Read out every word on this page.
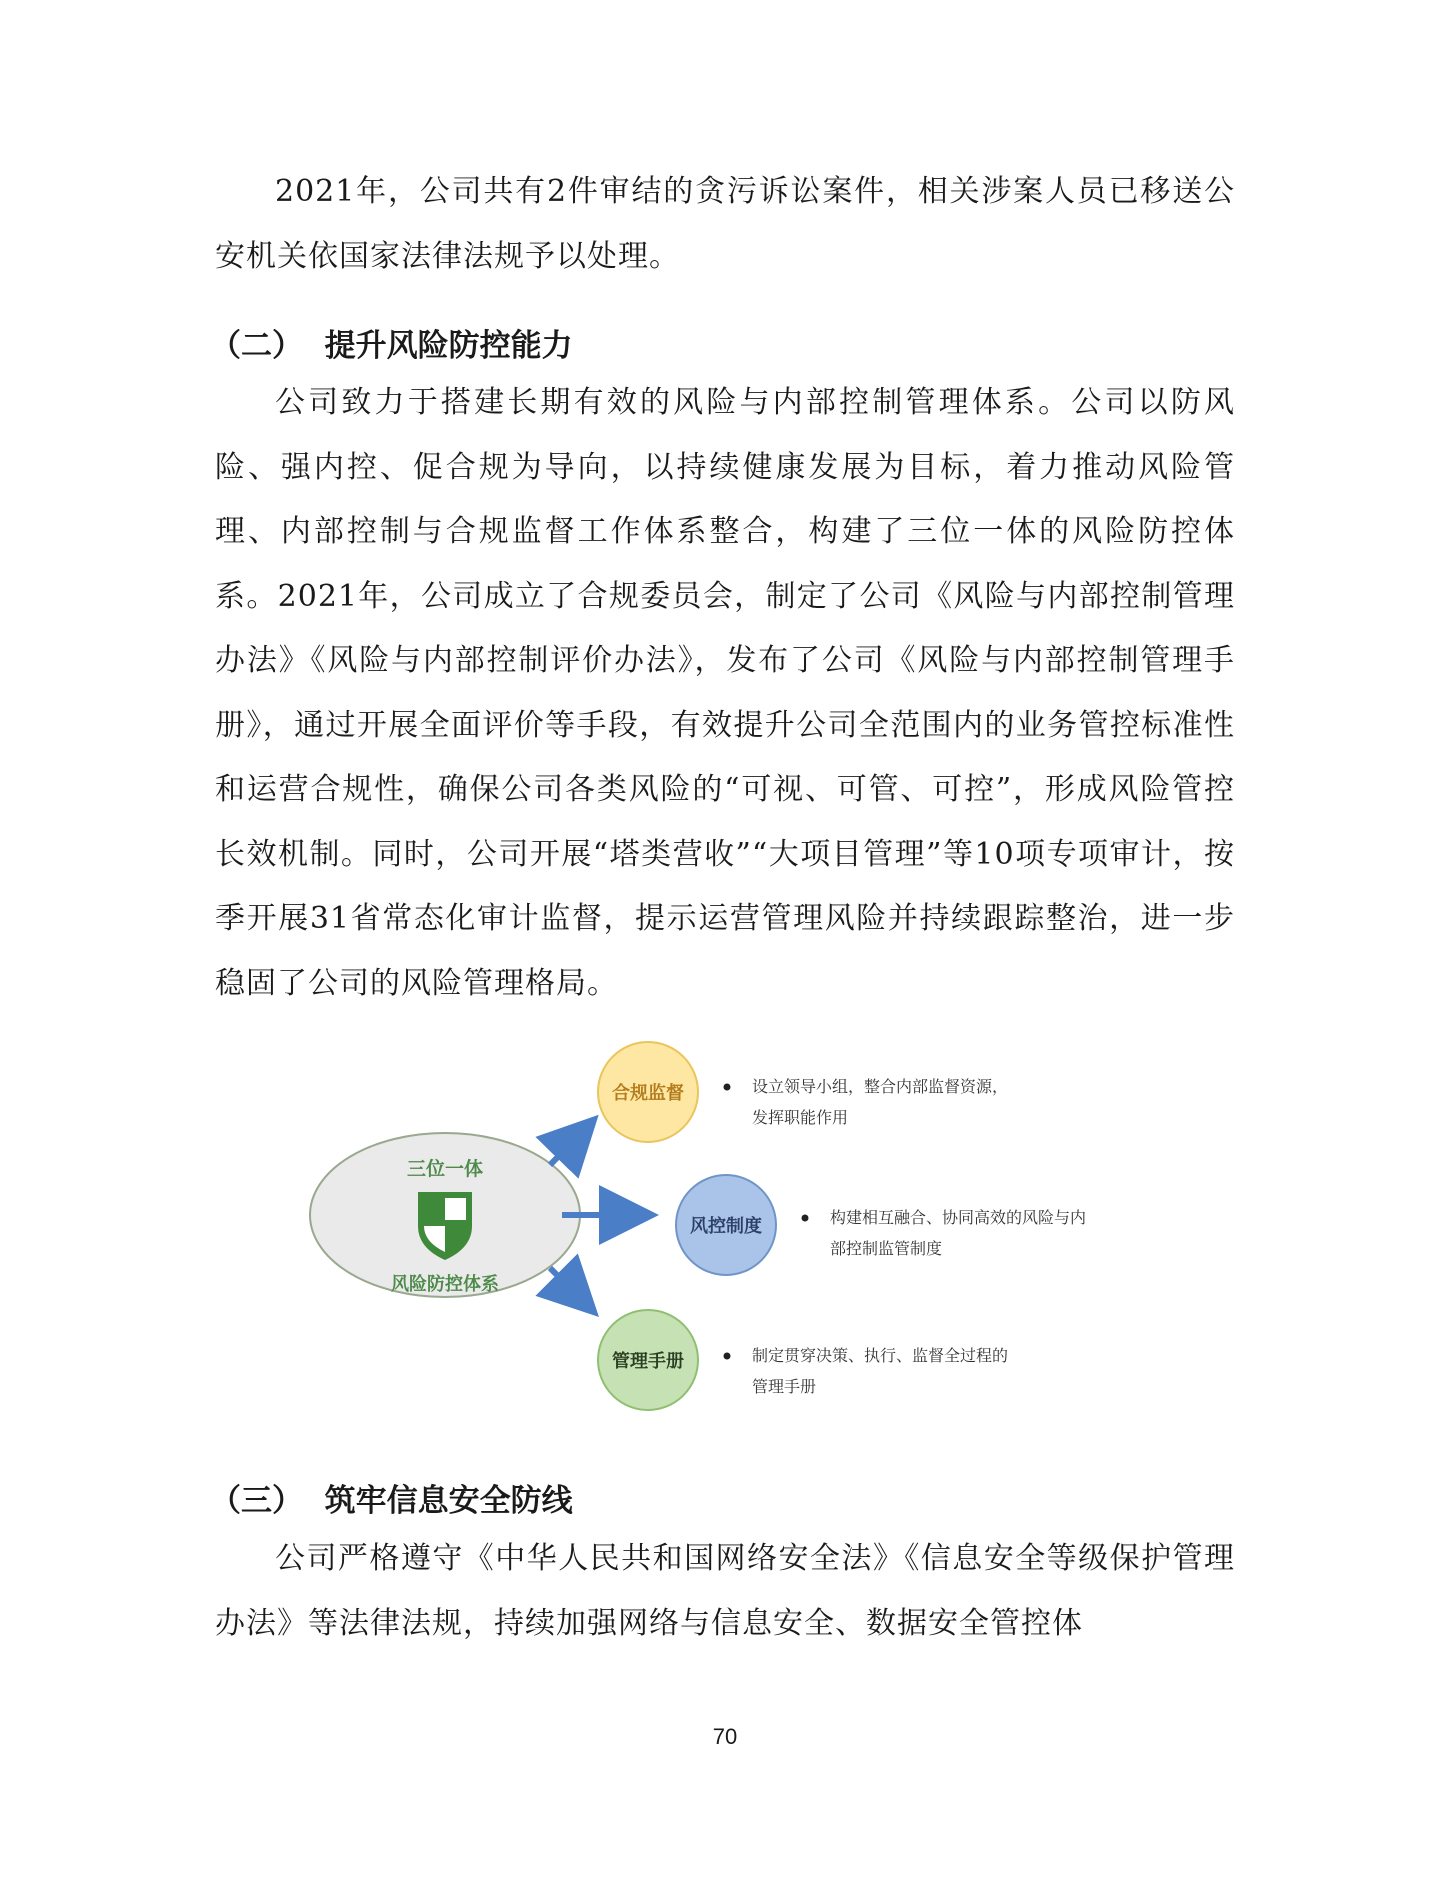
2021年，公司共有2件审结的贪污诉讼案件，相关涉案人员已移送公安机关依国家法律法规予以处理。

（二）  提升风险防控能力

公司致力于搭建长期有效的风险与内部控制管理体系。公司以防风险、强内控、促合规为导向，以持续健康发展为目标，着力推动风险管理、内部控制与合规监督工作体系整合，构建了三位一体的风险防控体系。2021年，公司成立了合规委员会，制定了公司《风险与内部控制管理办法》《风险与内部控制评价办法》，发布了公司《风险与内部控制管理手册》，通过开展全面评价等手段，有效提升公司全范围内的业务管控标准性和运营合规性，确保公司各类风险的“可视、可管、可控”，形成风险管控长效机制。同时，公司开展“塔类营收”“大项目管理”等10项专项审计，按季开展31省常态化审计监督，提示运营管理风险并持续跟踪整治，进一步稳固了公司的风险管理格局。

三位一体
风险防控体系
合规监督	设立领导小组，整合内部监督资源，
发挥职能作用
风控制度	构建相互融合、协同高效的风险与内
部控制监管制度
管理手册	制定贯穿决策、执行、监督全过程的
管理手册
（三）  筑牢信息安全防线

公司严格遵守《中华人民共和国网络安全法》《信息安全等级保护管理办法》等法律法规，持续加强网络与信息安全、数据安全管控体

70
